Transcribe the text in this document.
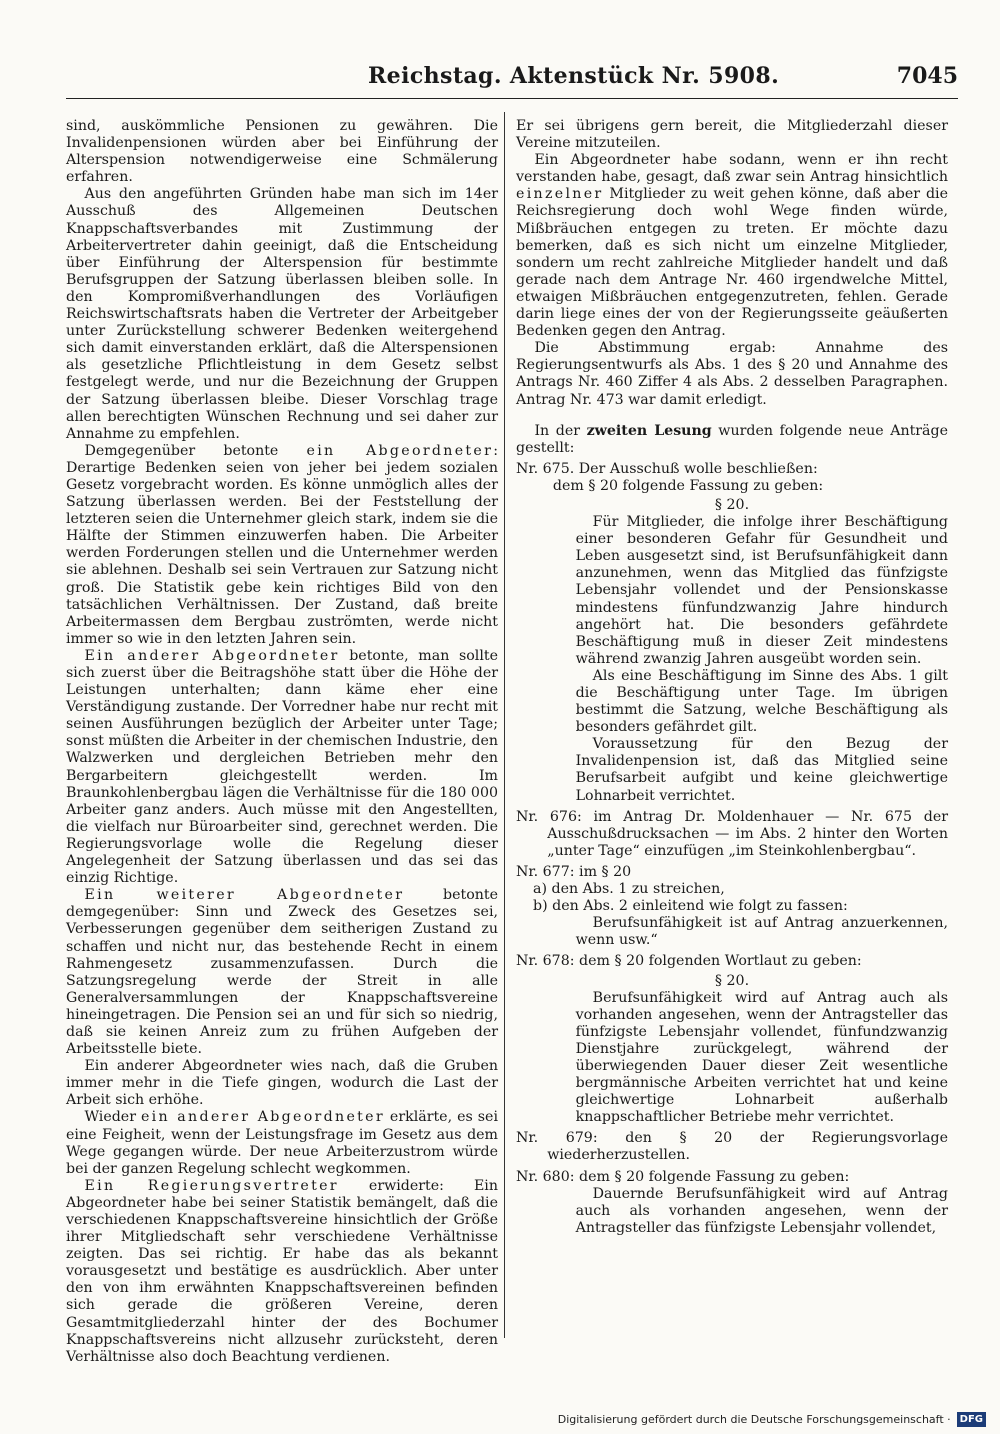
Reichstag. Aktenstück Nr. 5908.	7045

sind, auskömmliche Pensionen zu gewähren. Die Invalidenpensionen würden aber bei Einführung der Alterspension notwendigerweise eine Schmälerung erfahren.

Aus den angeführten Gründen habe man sich im 14er Ausschuß des Allgemeinen Deutschen Knappschaftsverbandes mit Zustimmung der Arbeitervertreter dahin geeinigt, daß die Entscheidung über Einführung der Alterspension für bestimmte Berufsgruppen der Satzung überlassen bleiben solle. In den Kompromißverhandlungen des Vorläufigen Reichswirtschaftsrats haben die Vertreter der Arbeitgeber unter Zurückstellung schwerer Bedenken weitergehend sich damit einverstanden erklärt, daß die Alterspensionen als gesetzliche Pflichtleistung in dem Gesetz selbst festgelegt werde, und nur die Bezeichnung der Gruppen der Satzung überlassen bleibe. Dieser Vorschlag trage allen berechtigten Wünschen Rechnung und sei daher zur Annahme zu empfehlen.

Demgegenüber betonte ein Abgeordneter: Derartige Bedenken seien von jeher bei jedem sozialen Gesetz vorgebracht worden. Es könne unmöglich alles der Satzung überlassen werden. Bei der Feststellung der letzteren seien die Unternehmer gleich stark, indem sie die Hälfte der Stimmen einzuwerfen haben. Die Arbeiter werden Forderungen stellen und die Unternehmer werden sie ablehnen. Deshalb sei sein Vertrauen zur Satzung nicht groß. Die Statistik gebe kein richtiges Bild von den tatsächlichen Verhältnissen. Der Zustand, daß breite Arbeitermassen dem Bergbau zuströmten, werde nicht immer so wie in den letzten Jahren sein.

Ein anderer Abgeordneter betonte, man sollte sich zuerst über die Beitragshöhe statt über die Höhe der Leistungen unterhalten; dann käme eher eine Verständigung zustande. Der Vorredner habe nur recht mit seinen Ausführungen bezüglich der Arbeiter unter Tage; sonst müßten die Arbeiter in der chemischen Industrie, den Walzwerken und dergleichen Betrieben mehr den Bergarbeitern gleichgestellt werden. Im Braunkohlenbergbau lägen die Verhältnisse für die 180 000 Arbeiter ganz anders. Auch müsse mit den Angestellten, die vielfach nur Büroarbeiter sind, gerechnet werden. Die Regierungsvorlage wolle die Regelung dieser Angelegenheit der Satzung überlassen und das sei das einzig Richtige.

Ein weiterer Abgeordneter betonte demgegenüber: Sinn und Zweck des Gesetzes sei, Verbesserungen gegenüber dem seitherigen Zustand zu schaffen und nicht nur, das bestehende Recht in einem Rahmengesetz zusammenzufassen. Durch die Satzungsregelung werde der Streit in alle Generalversammlungen der Knappschaftsvereine hineingetragen. Die Pension sei an und für sich so niedrig, daß sie keinen Anreiz zum zu frühen Aufgeben der Arbeitsstelle biete.

Ein anderer Abgeordneter wies nach, daß die Gruben immer mehr in die Tiefe gingen, wodurch die Last der Arbeit sich erhöhe.

Wieder ein anderer Abgeordneter erklärte, es sei eine Feigheit, wenn der Leistungsfrage im Gesetz aus dem Wege gegangen würde. Der neue Arbeiterzustrom würde bei der ganzen Regelung schlecht wegkommen.

Ein Regierungsvertreter erwiderte: Ein Abgeordneter habe bei seiner Statistik bemängelt, daß die verschiedenen Knappschaftsvereine hinsichtlich der Größe ihrer Mitgliedschaft sehr verschiedene Verhältnisse zeigten. Das sei richtig. Er habe das als bekannt vorausgesetzt und bestätige es ausdrücklich. Aber unter den von ihm erwähnten Knappschaftsvereinen befinden sich gerade die größeren Vereine, deren Gesamtmitgliederzahl hinter der des Bochumer Knappschaftsvereins nicht allzusehr zurücksteht, deren Verhältnisse also doch Beachtung verdienen.

Er sei übrigens gern bereit, die Mitgliederzahl dieser Vereine mitzuteilen.

Ein Abgeordneter habe sodann, wenn er ihn recht verstanden habe, gesagt, daß zwar sein Antrag hinsichtlich einzelner Mitglieder zu weit gehen könne, daß aber die Reichsregierung doch wohl Wege finden würde, Mißbräuchen entgegen zu treten. Er möchte dazu bemerken, daß es sich nicht um einzelne Mitglieder, sondern um recht zahlreiche Mitglieder handelt und daß gerade nach dem Antrage Nr. 460 irgendwelche Mittel, etwaigen Mißbräuchen entgegenzutreten, fehlen. Gerade darin liege eines der von der Regierungsseite geäußerten Bedenken gegen den Antrag.

Die Abstimmung ergab: Annahme des Regierungsentwurfs als Abs. 1 des § 20 und Annahme des Antrags Nr. 460 Ziffer 4 als Abs. 2 desselben Paragraphen. Antrag Nr. 473 war damit erledigt.

In der zweiten Lesung wurden folgende neue Anträge gestellt:

Nr. 675. Der Ausschuß wolle beschließen:

dem § 20 folgende Fassung zu geben:

§ 20.

Für Mitglieder, die infolge ihrer Beschäftigung einer besonderen Gefahr für Gesundheit und Leben ausgesetzt sind, ist Berufsunfähigkeit dann anzunehmen, wenn das Mitglied das fünfzigste Lebensjahr vollendet und der Pensionskasse mindestens fünfundzwanzig Jahre hindurch angehört hat. Die besonders gefährdete Beschäftigung muß in dieser Zeit mindestens während zwanzig Jahren ausgeübt worden sein.

Als eine Beschäftigung im Sinne des Abs. 1 gilt die Beschäftigung unter Tage. Im übrigen bestimmt die Satzung, welche Beschäftigung als besonders gefährdet gilt.

Voraussetzung für den Bezug der Invalidenpension ist, daß das Mitglied seine Berufsarbeit aufgibt und keine gleichwertige Lohnarbeit verrichtet.

Nr. 676: im Antrag Dr. Moldenhauer — Nr. 675 der Ausschußdrucksachen — im Abs. 2 hinter den Worten „unter Tage“ einzufügen „im Steinkohlenbergbau“.

Nr. 677: im § 20

a) den Abs. 1 zu streichen,

b) den Abs. 2 einleitend wie folgt zu fassen:

Berufsunfähigkeit ist auf Antrag anzuerkennen, wenn usw.“

Nr. 678: dem § 20 folgenden Wortlaut zu geben:

§ 20.

Berufsunfähigkeit wird auf Antrag auch als vorhanden angesehen, wenn der Antragsteller das fünfzigste Lebensjahr vollendet, fünfundzwanzig Dienstjahre zurückgelegt, während der überwiegenden Dauer dieser Zeit wesentliche bergmännische Arbeiten verrichtet hat und keine gleichwertige Lohnarbeit außerhalb knappschaftlicher Betriebe mehr verrichtet.

Nr. 679: den § 20 der Regierungsvorlage wiederherzustellen.

Nr. 680: dem § 20 folgende Fassung zu geben:

Dauernde Berufsunfähigkeit wird auf Antrag auch als vorhanden angesehen, wenn der Antragsteller das fünfzigste Lebensjahr vollendet,

Digitalisierung gefördert durch die Deutsche Forschungsgemeinschaft · DFG
